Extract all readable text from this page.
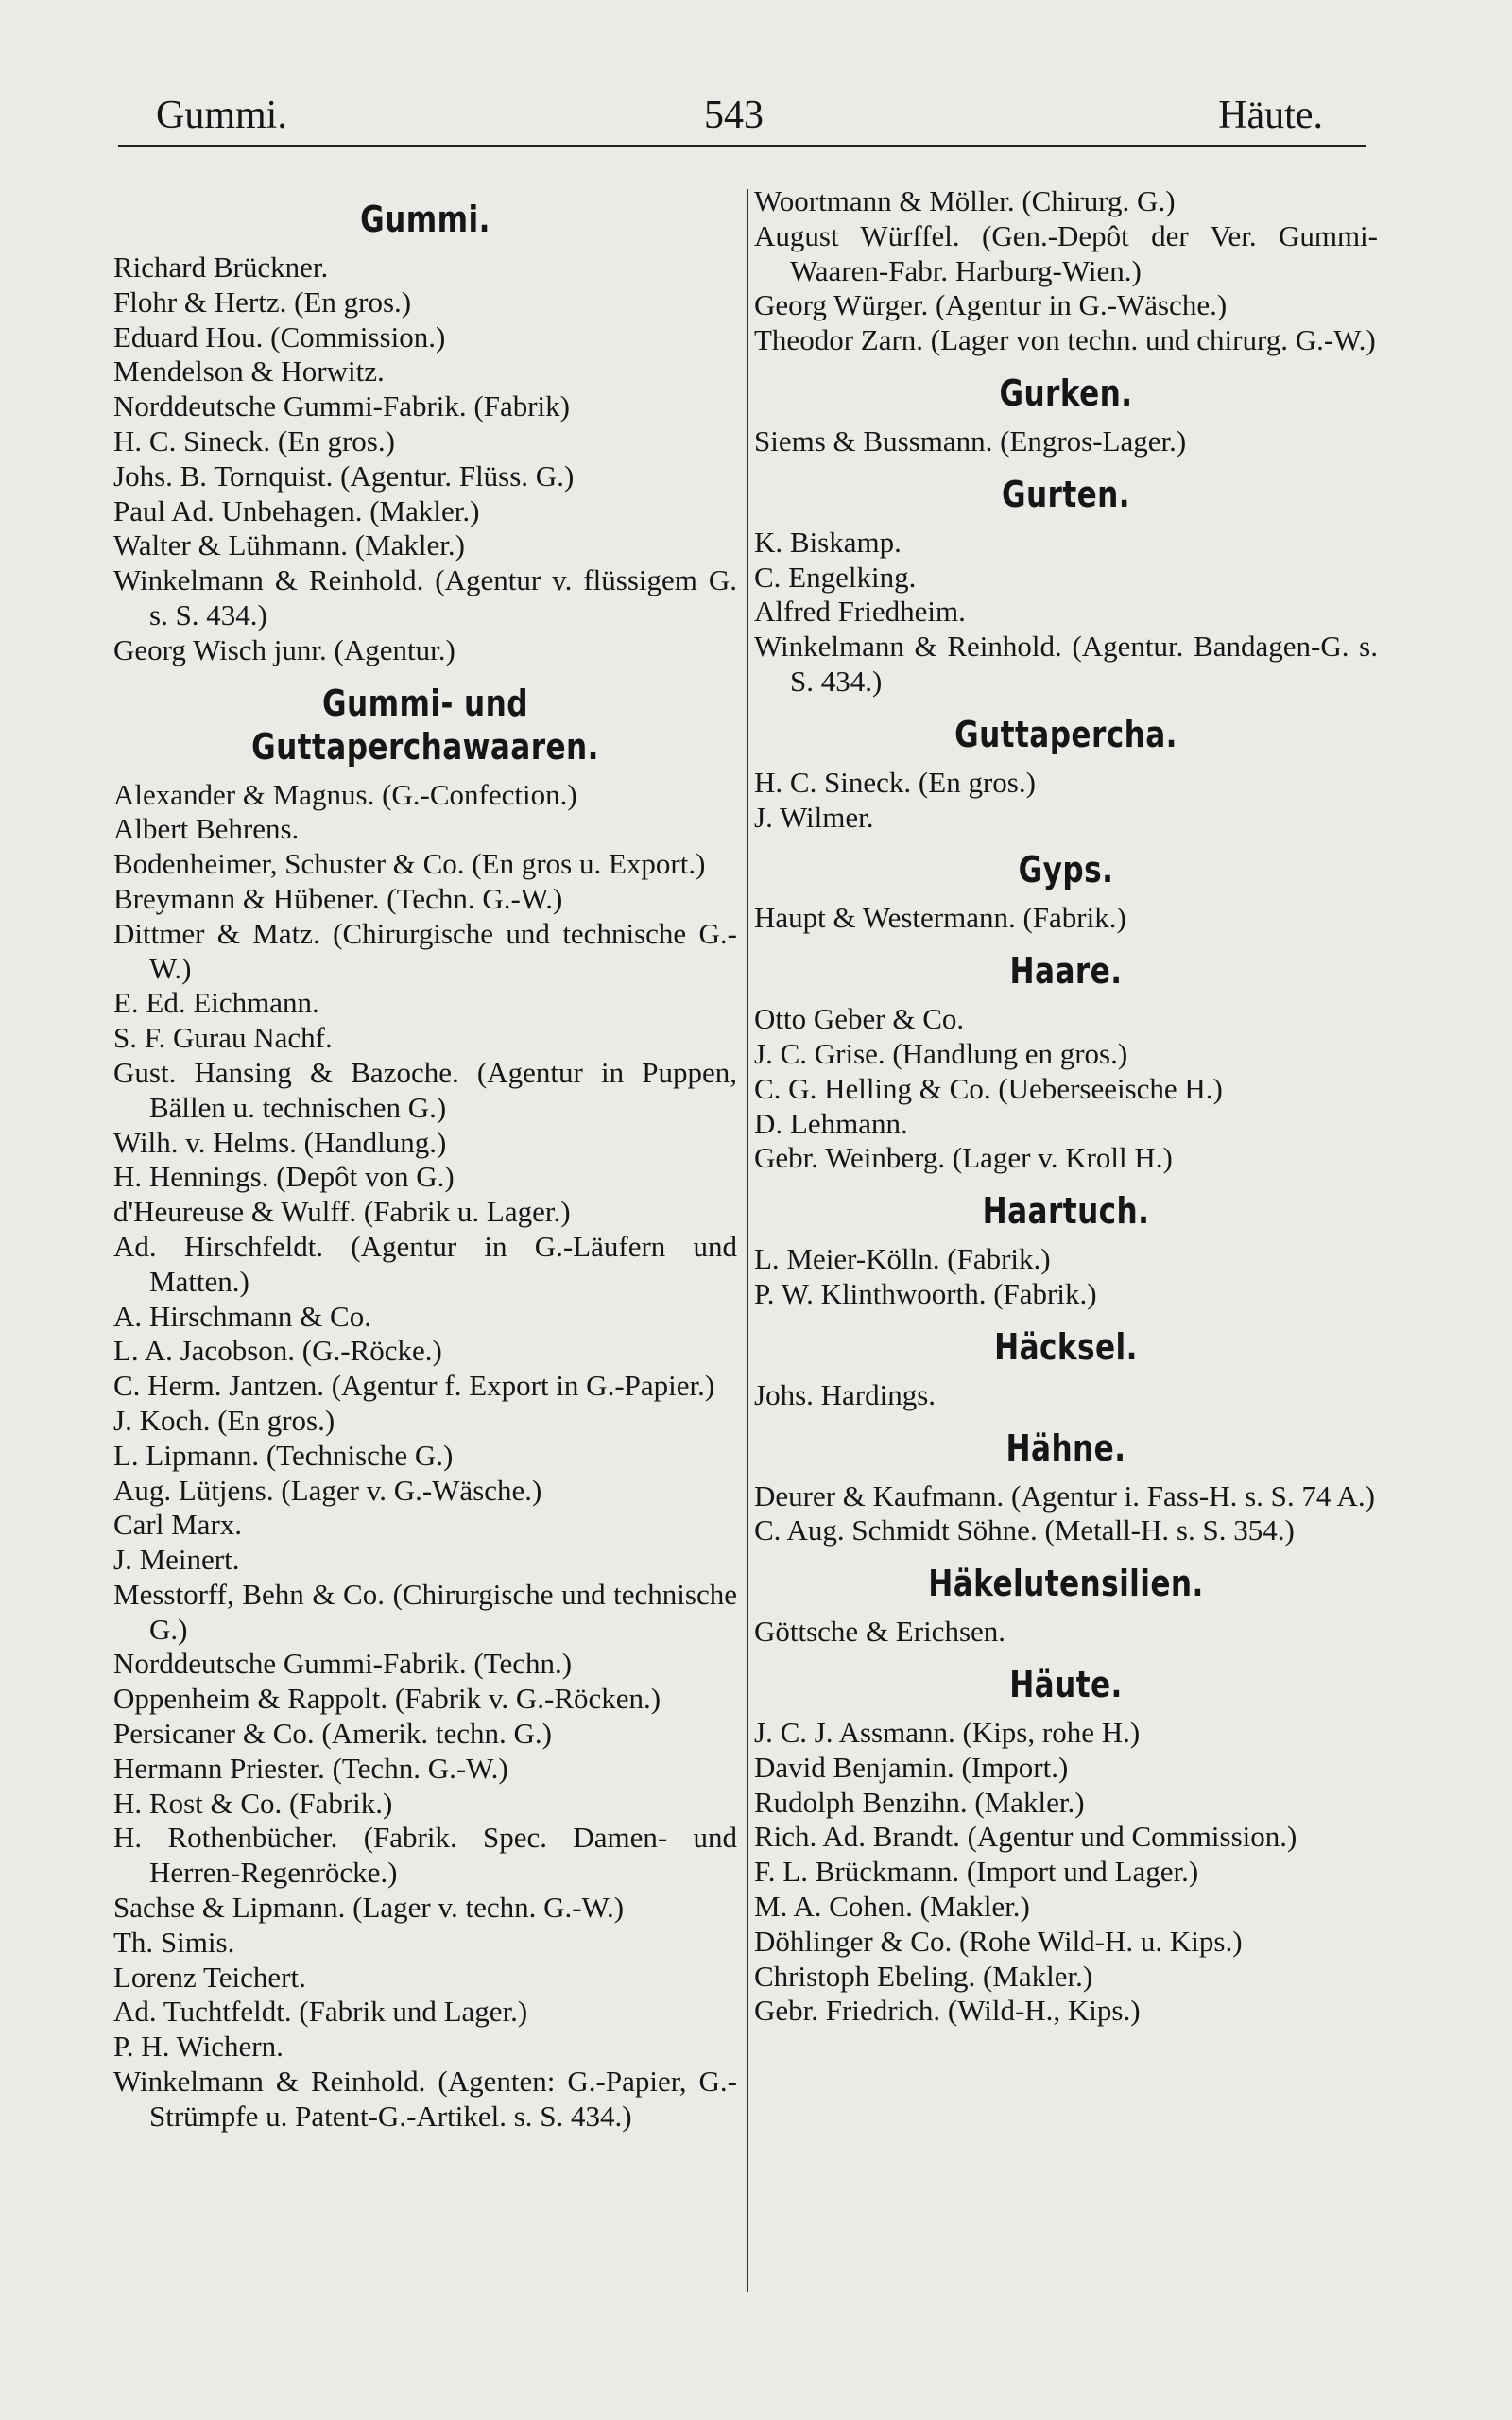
Gummi.	543	Häute.
Gummi.
Richard Brückner.
Flohr & Hertz. (En gros.)
Eduard Hou. (Commission.)
Mendelson & Horwitz.
Norddeutsche Gummi-Fabrik. (Fabrik)
H. C. Sineck. (En gros.)
Johs. B. Tornquist. (Agentur. Flüss. G.)
Paul Ad. Unbehagen. (Makler.)
Walter & Lühmann. (Makler.)
Winkelmann & Reinhold. (Agentur v. flüssigem G. s. S. 434.)
Georg Wisch junr. (Agentur.)
Gummi- und Guttaperchawaaren.
Alexander & Magnus. (G.-Confection.)
Albert Behrens.
Bodenheimer, Schuster & Co. (En gros u. Export.)
Breymann & Hübener. (Techn. G.-W.)
Dittmer & Matz. (Chirurgische und technische G.-W.)
E. Ed. Eichmann.
S. F. Gurau Nachf.
Gust. Hansing & Bazoche. (Agentur in Puppen, Bällen u. technischen G.)
Wilh. v. Helms. (Handlung.)
H. Hennings. (Depôt von G.)
d'Heureuse & Wulff. (Fabrik u. Lager.)
Ad. Hirschfeldt. (Agentur in G.-Läufern und Matten.)
A. Hirschmann & Co.
L. A. Jacobson. (G.-Röcke.)
C. Herm. Jantzen. (Agentur f. Export in G.-Papier.)
J. Koch. (En gros.)
L. Lipmann. (Technische G.)
Aug. Lütjens. (Lager v. G.-Wäsche.)
Carl Marx.
J. Meinert.
Messtorff, Behn & Co. (Chirurgische und technische G.)
Norddeutsche Gummi-Fabrik. (Techn.)
Oppenheim & Rappolt. (Fabrik v. G.-Röcken.)
Persicaner & Co. (Amerik. techn. G.)
Hermann Priester. (Techn. G.-W.)
H. Rost & Co. (Fabrik.)
H. Rothenbücher. (Fabrik. Spec. Damen- und Herren-Regenröcke.)
Sachse & Lipmann. (Lager v. techn. G.-W.)
Th. Simis.
Lorenz Teichert.
Ad. Tuchtfeldt. (Fabrik und Lager.)
P. H. Wichern.
Winkelmann & Reinhold. (Agenten: G.-Papier, G.-Strümpfe u. Patent-G.-Artikel. s. S. 434.)
Woortmann & Möller. (Chirurg. G.)
August Würffel. (Gen.-Depôt der Ver. Gummi-Waaren-Fabr. Harburg-Wien.)
Georg Würger. (Agentur in G.-Wäsche.)
Theodor Zarn. (Lager von techn. und chirurg. G.-W.)
Gurken.
Siems & Bussmann. (Engros-Lager.)
Gurten.
K. Biskamp.
C. Engelking.
Alfred Friedheim.
Winkelmann & Reinhold. (Agentur. Bandagen-G. s. S. 434.)
Guttapercha.
H. C. Sineck. (En gros.)
J. Wilmer.
Gyps.
Haupt & Westermann. (Fabrik.)
Haare.
Otto Geber & Co.
J. C. Grise. (Handlung en gros.)
C. G. Helling & Co. (Ueberseeische H.)
D. Lehmann.
Gebr. Weinberg. (Lager v. Kroll H.)
Haartuch.
L. Meier-Kölln. (Fabrik.)
P. W. Klinthwoorth. (Fabrik.)
Häcksel.
Johs. Hardings.
Hähne.
Deurer & Kaufmann. (Agentur i. Fass-H. s. S. 74 A.)
C. Aug. Schmidt Söhne. (Metall-H. s. S. 354.)
Häkelutensilien.
Göttsche & Erichsen.
Häute.
J. C. J. Assmann. (Kips, rohe H.)
David Benjamin. (Import.)
Rudolph Benzihn. (Makler.)
Rich. Ad. Brandt. (Agentur und Commission.)
F. L. Brückmann. (Import und Lager.)
M. A. Cohen. (Makler.)
Döhlinger & Co. (Rohe Wild-H. u. Kips.)
Christoph Ebeling. (Makler.)
Gebr. Friedrich. (Wild-H., Kips.)
